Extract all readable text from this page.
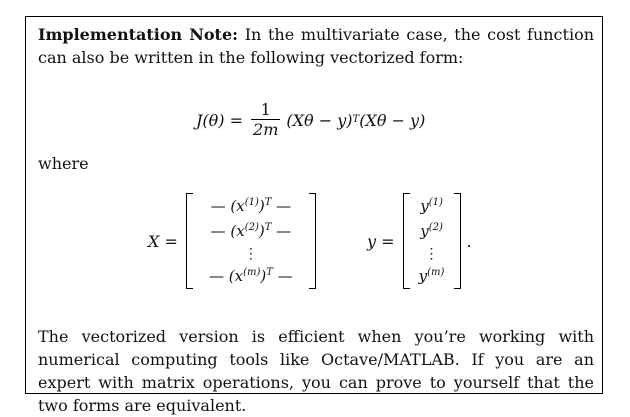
Implementation Note: In the multivariate case, the cost function can also be written in the following vectorized form:
$J(\theta) = \frac{1}{2m} (X\theta - y)$ T (Xθ − y)
where
X =
— $(x^{(1)})^T$ —
— $(x^{(2)})^T$ —
⋮
— $(x^{(m)})^T$ —
y =
$y^{(1)}$
$y^{(2)}$
⋮
$y^{(m)}$
.
The vectorized version is efficient when you’re working with numerical computing tools like Octave/MATLAB. If you are an expert with matrix operations, you can prove to yourself that the two forms are equivalent.
